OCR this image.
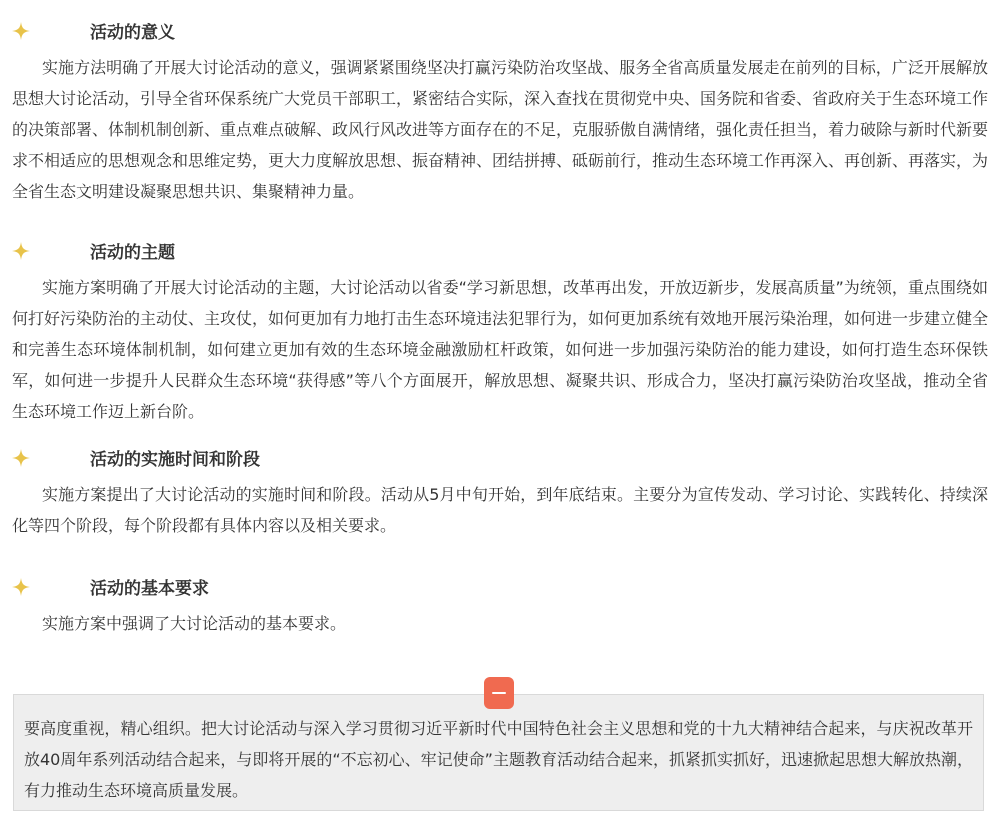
活动的意义

实施方法明确了开展大讨论活动的意义，强调紧紧围绕坚决打赢污染防治攻坚战、服务全省高质量发展走在前列的目标，广泛开展解放思想大讨论活动，引导全省环保系统广大党员干部职工，紧密结合实际，深入查找在贯彻党中央、国务院和省委、省政府关于生态环境工作的决策部署、体制机制创新、重点难点破解、政风行风改进等方面存在的不足，克服骄傲自满情绪，强化责任担当，着力破除与新时代新要求不相适应的思想观念和思维定势，更大力度解放思想、振奋精神、团结拼搏、砥砺前行，推动生态环境工作再深入、再创新、再落实，为全省生态文明建设凝聚思想共识、集聚精神力量。

活动的主题

实施方案明确了开展大讨论活动的主题，大讨论活动以省委“学习新思想，改革再出发，开放迈新步，发展高质量”为统领，重点围绕如何打好污染防治的主动仗、主攻仗，如何更加有力地打击生态环境违法犯罪行为，如何更加系统有效地开展污染治理，如何进一步建立健全和完善生态环境体制机制，如何建立更加有效的生态环境金融激励杠杆政策，如何进一步加强污染防治的能力建设，如何打造生态环保铁军，如何进一步提升人民群众生态环境“获得感”等八个方面展开，解放思想、凝聚共识、形成合力，坚决打赢污染防治攻坚战，推动全省生态环境工作迈上新台阶。

活动的实施时间和阶段

实施方案提出了大讨论活动的实施时间和阶段。活动从5月中旬开始，到年底结束。主要分为宣传发动、学习讨论、实践转化、持续深化等四个阶段，每个阶段都有具体内容以及相关要求。

活动的基本要求

实施方案中强调了大讨论活动的基本要求。

要高度重视，精心组织。把大讨论活动与深入学习贯彻习近平新时代中国特色社会主义思想和党的十九大精神结合起来，与庆祝改革开放40周年系列活动结合起来，与即将开展的“不忘初心、牢记使命”主题教育活动结合起来，抓紧抓实抓好，迅速掀起思想大解放热潮，有力推动生态环境高质量发展。
